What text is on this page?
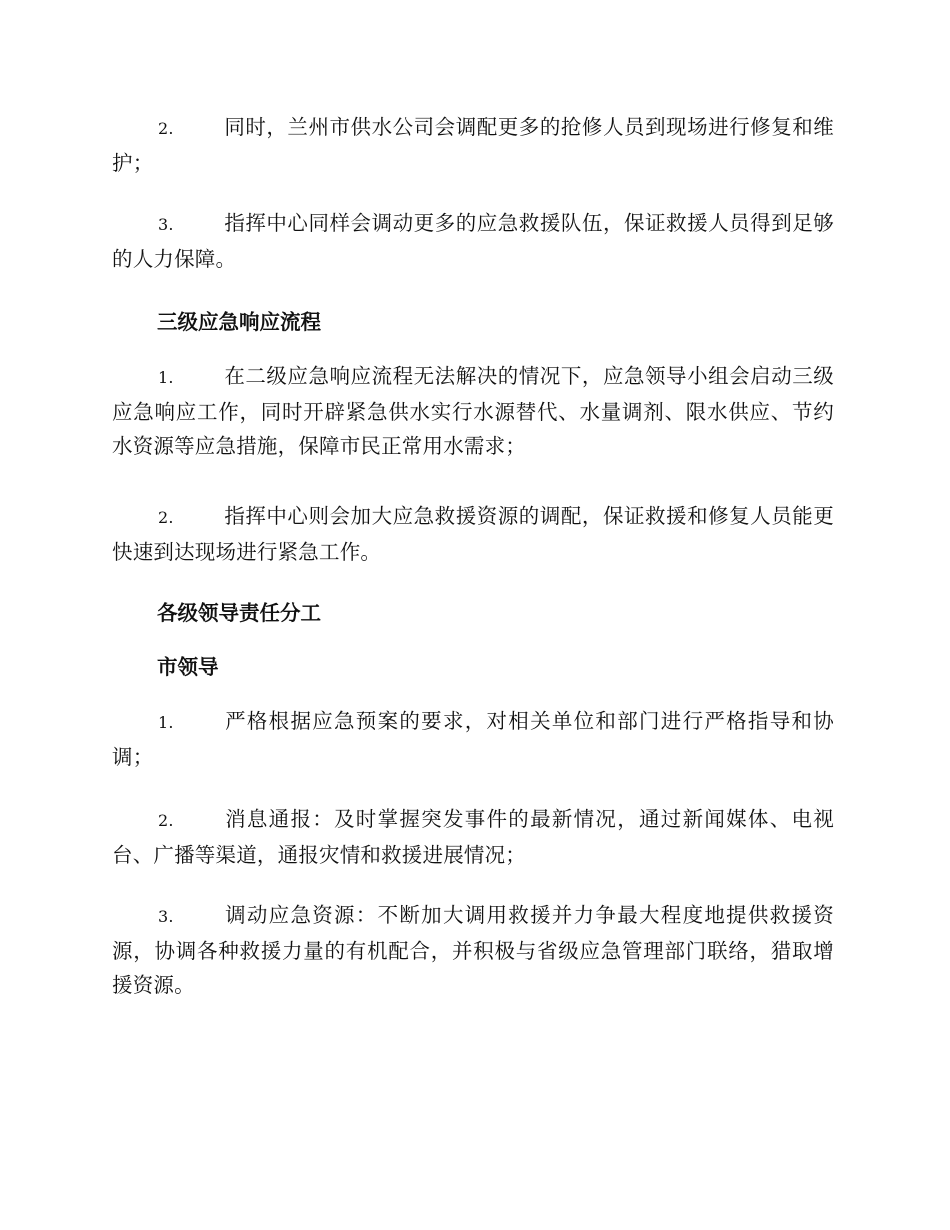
2. 同时，兰州市供水公司会调配更多的抢修人员到现场进行修复和维护；

3. 指挥中心同样会调动更多的应急救援队伍，保证救援人员得到足够的人力保障。

三级应急响应流程

1. 在二级应急响应流程无法解决的情况下，应急领导小组会启动三级应急响应工作，同时开辟紧急供水实行水源替代、水量调剂、限水供应、节约水资源等应急措施，保障市民正常用水需求；

2. 指挥中心则会加大应急救援资源的调配，保证救援和修复人员能更快速到达现场进行紧急工作。

各级领导责任分工

市领导

1. 严格根据应急预案的要求，对相关单位和部门进行严格指导和协调；

2. 消息通报：及时掌握突发事件的最新情况，通过新闻媒体、电视台、广播等渠道，通报灾情和救援进展情况；

3. 调动应急资源：不断加大调用救援并力争最大程度地提供救援资源，协调各种救援力量的有机配合，并积极与省级应急管理部门联络，猎取增援资源。
